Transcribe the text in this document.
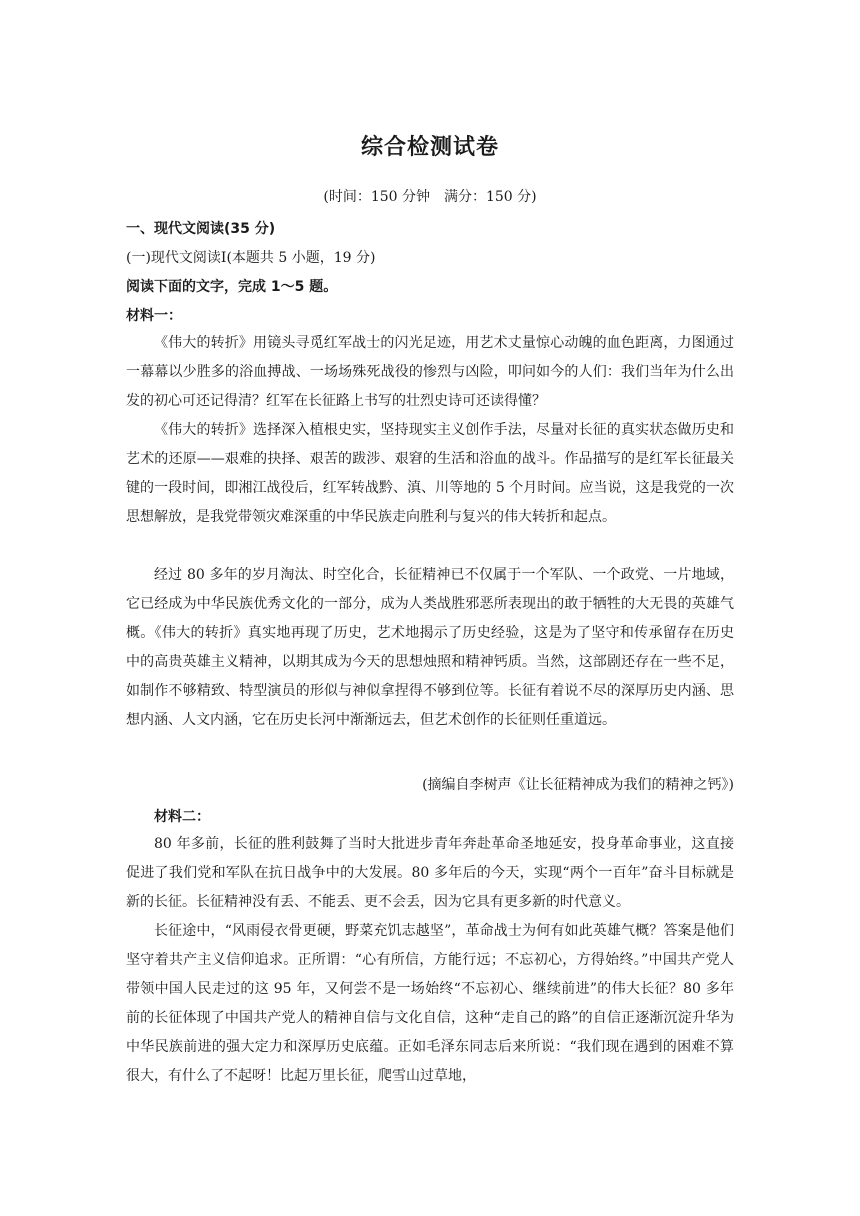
综合检测试卷
(时间：150 分钟　满分：150 分)
一、现代文阅读(35 分)
(一)现代文阅读Ⅰ(本题共 5 小题，19 分)
阅读下面的文字，完成 1～5 题。
材料一：

《伟大的转折》用镜头寻觅红军战士的闪光足迹，用艺术丈量惊心动魄的血色距离，力图通过一幕幕以少胜多的浴血搏战、一场场殊死战役的惨烈与凶险，叩问如今的人们：我们当年为什么出发的初心可还记得清？红军在长征路上书写的壮烈史诗可还读得懂？

《伟大的转折》选择深入植根史实，坚持现实主义创作手法，尽量对长征的真实状态做历史和艺术的还原——艰难的抉择、艰苦的跋涉、艰窘的生活和浴血的战斗。作品描写的是红军长征最关键的一段时间，即湘江战役后，红军转战黔、滇、川等地的 5 个月时间。应当说，这是我党的一次思想解放，是我党带领灾难深重的中华民族走向胜利与复兴的伟大转折和起点。

经过 80 多年的岁月淘汰、时空化合，长征精神已不仅属于一个军队、一个政党、一片地域，它已经成为中华民族优秀文化的一部分，成为人类战胜邪恶所表现出的敢于牺牲的大无畏的英雄气概。《伟大的转折》真实地再现了历史，艺术地揭示了历史经验，这是为了坚守和传承留存在历史中的高贵英雄主义精神，以期其成为今天的思想烛照和精神钙质。当然，这部剧还存在一些不足，如制作不够精致、特型演员的形似与神似拿捏得不够到位等。长征有着说不尽的深厚历史内涵、思想内涵、人文内涵，它在历史长河中渐渐远去，但艺术创作的长征则任重道远。

(摘编自李树声《让长征精神成为我们的精神之钙》)
材料二：

80 年多前，长征的胜利鼓舞了当时大批进步青年奔赴革命圣地延安，投身革命事业，这直接促进了我们党和军队在抗日战争中的大发展。80 多年后的今天，实现“两个一百年”奋斗目标就是新的长征。长征精神没有丢、不能丢、更不会丢，因为它具有更多新的时代意义。

长征途中，“风雨侵衣骨更硬，野菜充饥志越坚”，革命战士为何有如此英雄气概？答案是他们坚守着共产主义信仰追求。正所谓：“心有所信，方能行远；不忘初心，方得始终。”中国共产党人带领中国人民走过的这 95 年，又何尝不是一场始终“不忘初心、继续前进”的伟大长征？80 多年前的长征体现了中国共产党人的精神自信与文化自信，这种“走自己的路”的自信正逐渐沉淀升华为中华民族前进的强大定力和深厚历史底蕴。正如毛泽东同志后来所说：“我们现在遇到的困难不算很大，有什么了不起呀！比起万里长征，爬雪山过草地，
